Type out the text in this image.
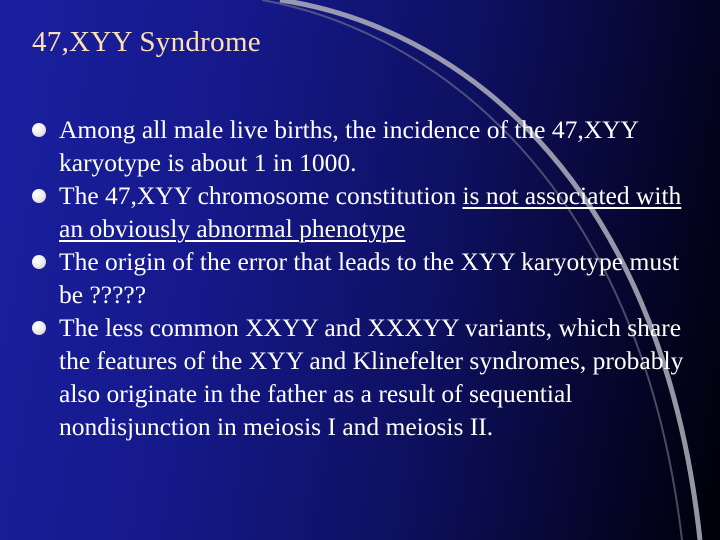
47,XYY Syndrome
Among all male live births, the incidence of the 47,XYY karyotype is about 1 in 1000.
The 47,XYY chromosome constitution is not associated with an obviously abnormal phenotype
The origin of the error that leads to the XYY karyotype must be ?????
The less common XXYY and XXXYY variants, which share the features of the XYY and Klinefelter syndromes, probably also originate in the father as a result of sequential nondisjunction in meiosis I and meiosis II.
